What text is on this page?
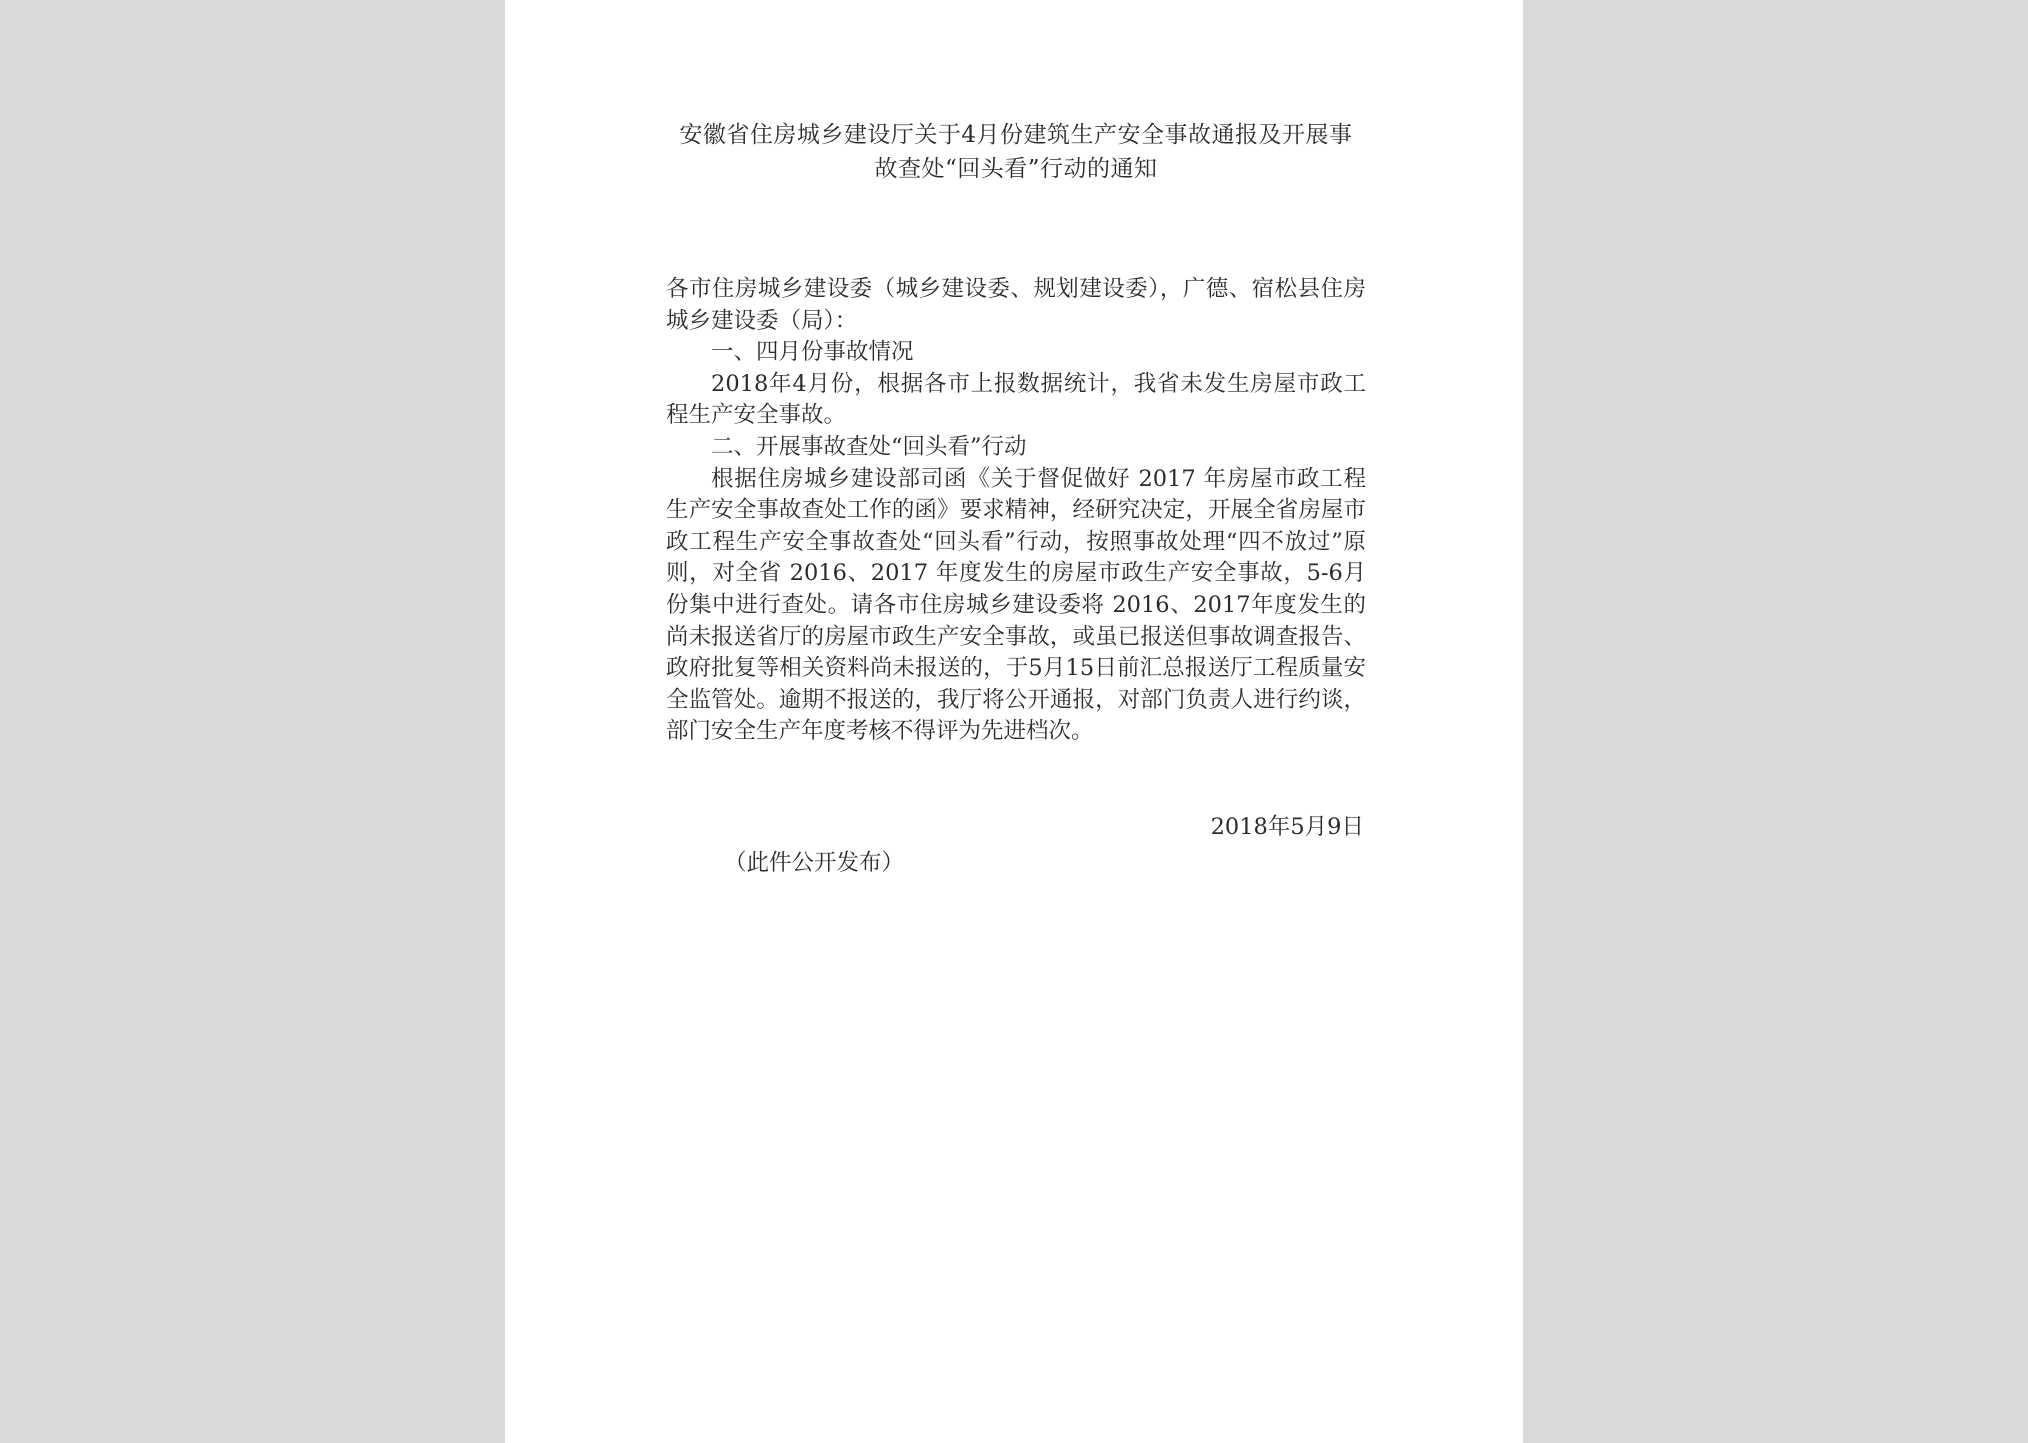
安徽省住房城乡建设厅关于4月份建筑生产安全事故通报及开展事
故查处“回头看”行动的通知

各市住房城乡建设委（城乡建设委、规划建设委），广德、宿松县住房城乡建设委（局）：

一、四月份事故情况

2018年4月份，根据各市上报数据统计，我省未发生房屋市政工程生产安全事故。

二、开展事故查处“回头看”行动

根据住房城乡建设部司函《关于督促做好 2017 年房屋市政工程生产安全事故查处工作的函》要求精神，经研究决定，开展全省房屋市政工程生产安全事故查处“回头看”行动，按照事故处理“四不放过”原则，对全省 2016、2017 年度发生的房屋市政生产安全事故，5-6月份集中进行查处。请各市住房城乡建设委将 2016、2017年度发生的尚未报送省厅的房屋市政生产安全事故，或虽已报送但事故调查报告、政府批复等相关资料尚未报送的，于5月15日前汇总报送厅工程质量安全监管处。逾期不报送的，我厅将公开通报，对部门负责人进行约谈，部门安全生产年度考核不得评为先进档次。

2018年5月9日
（此件公开发布）
